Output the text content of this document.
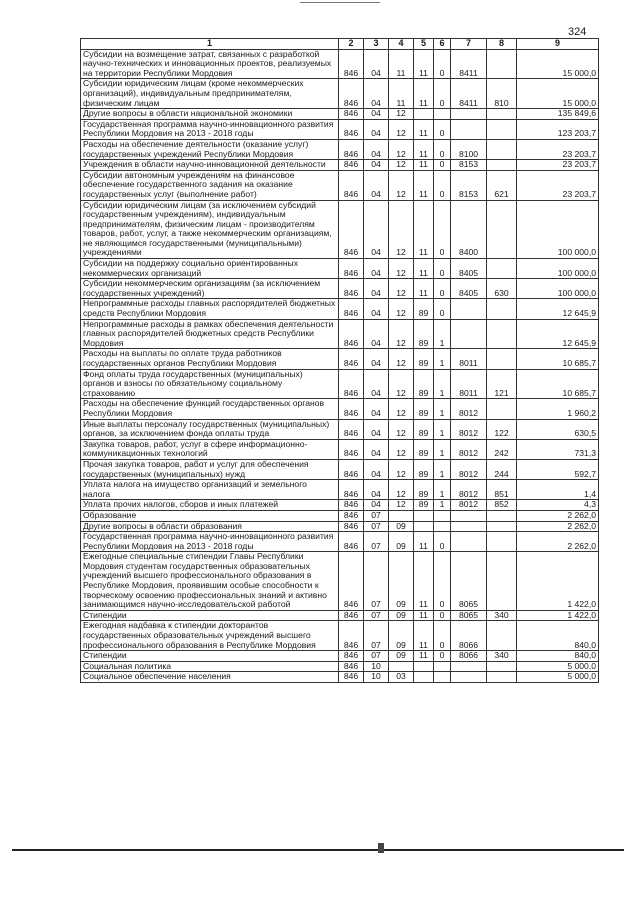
324
1	2	3	4	5	6	7	8	9
Субсидии на возмещение затрат, связанных с разработкой научно-технических и инновационных проектов, реализуемых на территории Республики Мордовия	846	04	11	11	0	8411		15 000,0
Субсидии юридическим лицам (кроме некоммерческих организаций), индивидуальным предпринимателям, физическим лицам	846	04	11	11	0	8411	810	15 000,0
Другие вопросы в области национальной экономики	846	04	12					135 849,6
Государственная программа научно-инновационного развития Республики Мордовия на 2013 - 2018 годы	846	04	12	11	0			123 203,7
Расходы на обеспечение деятельности (оказание услуг) государственных учреждений Республики Мордовия	846	04	12	11	0	8100		23 203,7
Учреждения в области научно-инновационной деятельности	846	04	12	11	0	8153		23 203,7
Субсидии автономным учреждениям на финансовое обеспечение государственного задания на оказание государственных услуг (выполнение работ)	846	04	12	11	0	8153	621	23 203,7
Субсидии юридическим лицам (за исключением субсидий государственным учреждениям), индивидуальным предпринимателям, физическим лицам - производителям товаров, работ, услуг, а также некоммерческим организациям, не являющимся государственными (муниципальными) учреждениями	846	04	12	11	0	8400		100 000,0
Субсидии на поддержку социально ориентированных некоммерческих организаций	846	04	12	11	0	8405		100 000,0
Субсидии некоммерческим организациям (за исключением государственных учреждений)	846	04	12	11	0	8405	630	100 000,0
Непрограммные расходы главных распорядителей бюджетных средств Республики Мордовия	846	04	12	89	0			12 645,9
Непрограммные расходы в рамках обеспечения деятельности главных распорядителей бюджетных средств Республики Мордовия	846	04	12	89	1			12 645,9
Расходы на выплаты по оплате труда работников государственных органов Республики Мордовия	846	04	12	89	1	8011		10 685,7
Фонд оплаты труда государственных (муниципальных) органов и взносы по обязательному социальному страхованию	846	04	12	89	1	8011	121	10 685,7
Расходы на обеспечение функций государственных органов Республики Мордовия	846	04	12	89	1	8012		1 960,2
Иные выплаты персоналу государственных (муниципальных) органов, за исключением фонда оплаты труда	846	04	12	89	1	8012	122	630,5
Закупка товаров, работ, услуг в сфере информационно-коммуникационных технологий	846	04	12	89	1	8012	242	731,3
Прочая закупка товаров, работ и услуг для обеспечения государственных (муниципальных) нужд	846	04	12	89	1	8012	244	592,7
Уплата налога на имущество организаций и земельного налога	846	04	12	89	1	8012	851	1,4
Уплата прочих налогов, сборов и иных платежей	846	04	12	89	1	8012	852	4,3
Образование	846	07						2 262,0
Другие вопросы в области образования	846	07	09					2 262,0
Государственная программа научно-инновационного развития Республики Мордовия на 2013 - 2018 годы	846	07	09	11	0			2 262,0
Ежегодные специальные стипендии Главы Республики Мордовия студентам государственных образовательных учреждений высшего профессионального образования в Республике Мордовия, проявившим особые способности к творческому освоению профессиональных знаний и активно занимающимся научно-исследовательской работой	846	07	09	11	0	8065		1 422,0
Стипендии	846	07	09	11	0	8065	340	1 422,0
Ежегодная надбавка к стипендии докторантов государственных образовательных учреждений высшего профессионального образования в Республике Мордовия	846	07	09	11	0	8066		840,0
Стипендии	846	07	09	11	0	8066	340	840,0
Социальная политика	846	10						5 000,0
Социальное обеспечение населения	846	10	03					5 000,0
